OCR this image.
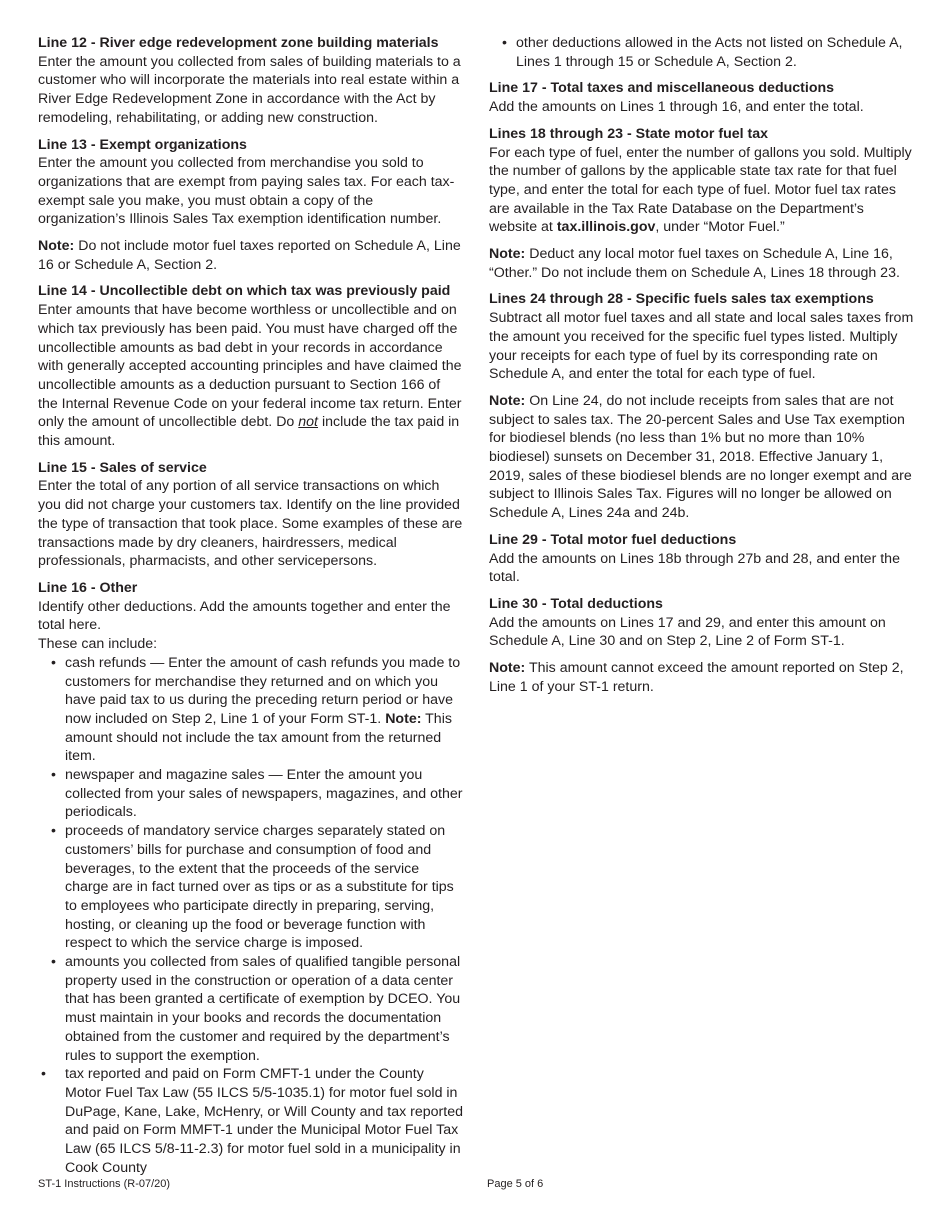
Line 12 - River edge redevelopment zone building materials

Enter the amount you collected from sales of building materials to a customer who will incorporate the materials into real estate within a River Edge Redevelopment Zone in accordance with the Act by remodeling, rehabilitating, or adding new construction.

Line 13 - Exempt organizations

Enter the amount you collected from merchandise you sold to organizations that are exempt from paying sales tax. For each tax-exempt sale you make, you must obtain a copy of the organization’s Illinois Sales Tax exemption identification number.

Note: Do not include motor fuel taxes reported on Schedule A, Line 16 or Schedule A, Section 2.

Line 14 - Uncollectible debt on which tax was previously paid

Enter amounts that have become worthless or uncollectible and on which tax previously has been paid. You must have charged off the uncollectible amounts as bad debt in your records in accordance with generally accepted accounting principles and have claimed the uncollectible amounts as a deduction pursuant to Section 166 of the Internal Revenue Code on your federal income tax return. Enter only the amount of uncollectible debt. Do not include the tax paid in this amount.

Line 15 - Sales of service

Enter the total of any portion of all service transactions on which you did not charge your customers tax. Identify on the line provided the type of transaction that took place. Some examples of these are transactions made by dry cleaners, hairdressers, medical professionals, pharmacists, and other servicepersons.

Line 16 - Other

Identify other deductions. Add the amounts together and enter the total here.

These can include:

• cash refunds — Enter the amount of cash refunds you made to customers for merchandise they returned and on which you have paid tax to us during the preceding return period or have now included on Step 2, Line 1 of your Form ST-1. Note: This amount should not include the tax amount from the returned item.
• newspaper and magazine sales — Enter the amount you collected from your sales of newspapers, magazines, and other periodicals.
• proceeds of mandatory service charges separately stated on customers’ bills for purchase and consumption of food and beverages, to the extent that the proceeds of the service charge are in fact turned over as tips or as a substitute for tips to employees who participate directly in preparing, serving, hosting, or cleaning up the food or beverage function with respect to which the service charge is imposed.
• amounts you collected from sales of qualified tangible personal property used in the construction or operation of a data center that has been granted a certificate of exemption by DCEO. You must maintain in your books and records the documentation obtained from the customer and required by the department’s rules to support the exemption.
• tax reported and paid on Form CMFT-1 under the County Motor Fuel Tax Law (55 ILCS 5/5-1035.1) for motor fuel sold in DuPage, Kane, Lake, McHenry, or Will County and tax reported and paid on Form MMFT-1 under the Municipal Motor Fuel Tax Law (65 ILCS 5/8-11-2.3) for motor fuel sold in a municipality in Cook County
• other deductions allowed in the Acts not listed on Schedule A, Lines 1 through 15 or Schedule A, Section 2.
Line 17 - Total taxes and miscellaneous deductions

Add the amounts on Lines 1 through 16, and enter the total.

Lines 18 through 23 - State motor fuel tax

For each type of fuel, enter the number of gallons you sold. Multiply the number of gallons by the applicable state tax rate for that fuel type, and enter the total for each type of fuel. Motor fuel tax rates are available in the Tax Rate Database on the Department’s website at tax.illinois.gov, under “Motor Fuel.”

Note: Deduct any local motor fuel taxes on Schedule A, Line 16, “Other.” Do not include them on Schedule A, Lines 18 through 23.

Lines 24 through 28 - Specific fuels sales tax exemptions

Subtract all motor fuel taxes and all state and local sales taxes from the amount you received for the specific fuel types listed. Multiply your receipts for each type of fuel by its corresponding rate on Schedule A, and enter the total for each type of fuel.

Note: On Line 24, do not include receipts from sales that are not subject to sales tax. The 20-percent Sales and Use Tax exemption for biodiesel blends (no less than 1% but no more than 10% biodiesel) sunsets on December 31, 2018. Effective January 1, 2019, sales of these biodiesel blends are no longer exempt and are subject to Illinois Sales Tax. Figures will no longer be allowed on Schedule A, Lines 24a and 24b.

Line 29 - Total motor fuel deductions

Add the amounts on Lines 18b through 27b and 28, and enter the total.

Line 30 - Total deductions

Add the amounts on Lines 17 and 29, and enter this amount on Schedule A, Line 30 and on Step 2, Line 2 of Form ST-1.

Note: This amount cannot exceed the amount reported on Step 2, Line 1 of your ST-1 return.

ST-1 Instructions (R-07/20)	Page 5 of 6
